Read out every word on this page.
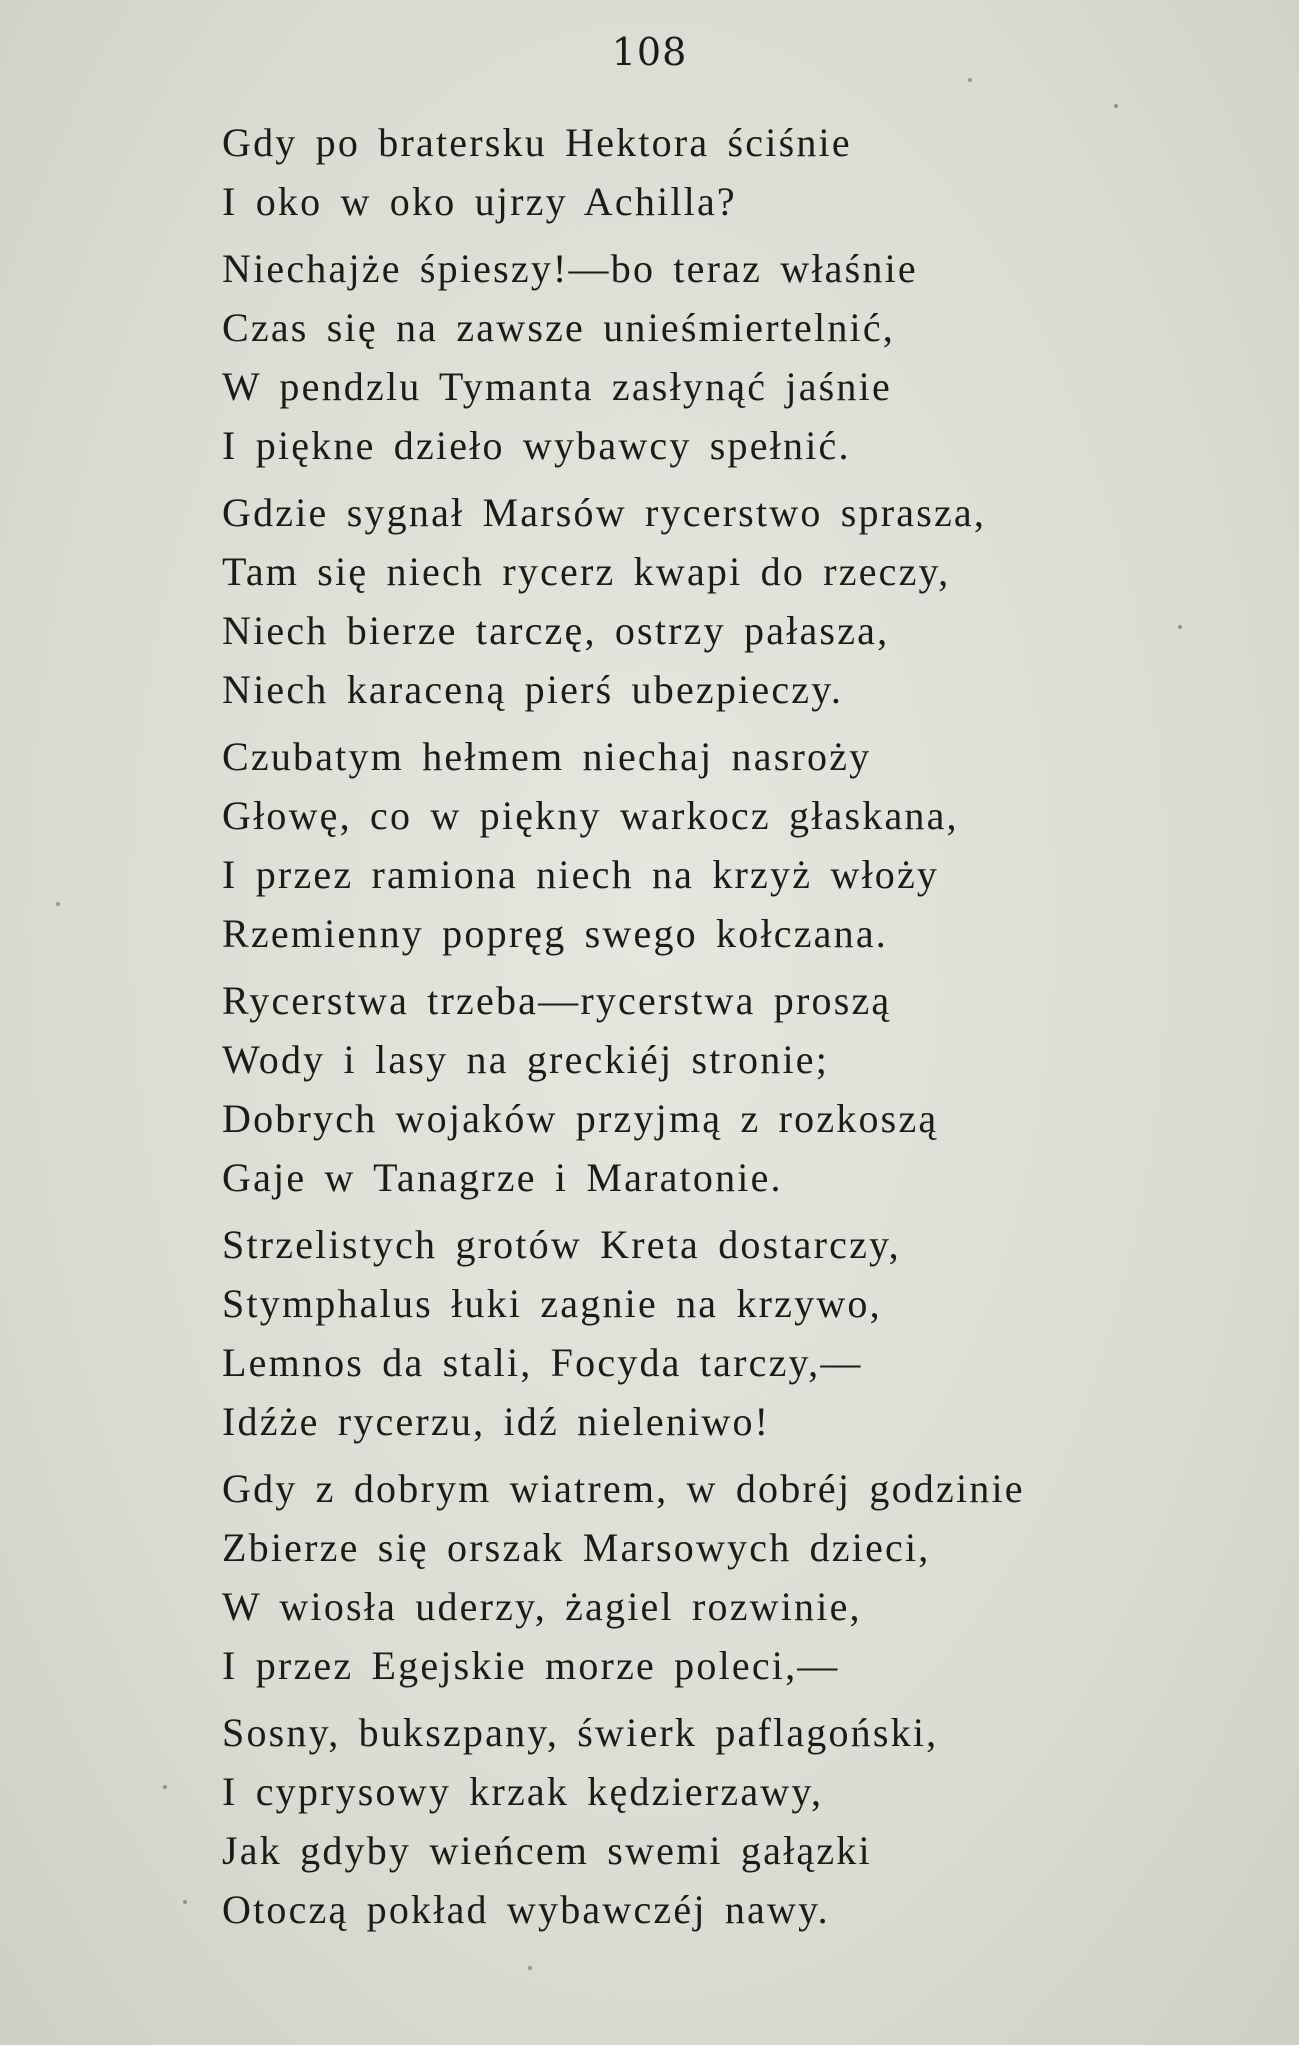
108

Gdy po bratersku Hektora ściśnie
I oko w oko ujrzy Achilla?

Niechajże śpieszy!—bo teraz właśnie
Czas się na zawsze unieśmiertelnić,
W pendzlu Tymanta zasłynąć jaśnie
I piękne dzieło wybawcy spełnić.

Gdzie sygnał Marsów rycerstwo sprasza,
Tam się niech rycerz kwapi do rzeczy,
Niech bierze tarczę, ostrzy pałasza,
Niech karaceną pierś ubezpieczy.

Czubatym hełmem niechaj nasroży
Głowę, co w piękny warkocz głaskana,
I przez ramiona niech na krzyż włoży
Rzemienny popręg swego kołczana.

Rycerstwa trzeba—rycerstwa proszą
Wody i lasy na greckiéj stronie;
Dobrych wojaków przyjmą z rozkoszą
Gaje w Tanagrze i Maratonie.

Strzelistych grotów Kreta dostarczy,
Stymphalus łuki zagnie na krzywo,
Lemnos da stali, Focyda tarczy,—
Idźże rycerzu, idź nieleniwo!

Gdy z dobrym wiatrem, w dobréj godzinie
Zbierze się orszak Marsowych dzieci,
W wiosła uderzy, żagiel rozwinie,
I przez Egejskie morze poleci,—

Sosny, bukszpany, świerk paflagoński,
I cyprysowy krzak kędzierzawy,
Jak gdyby wieńcem swemi gałązki
Otoczą pokład wybawczéj nawy.
